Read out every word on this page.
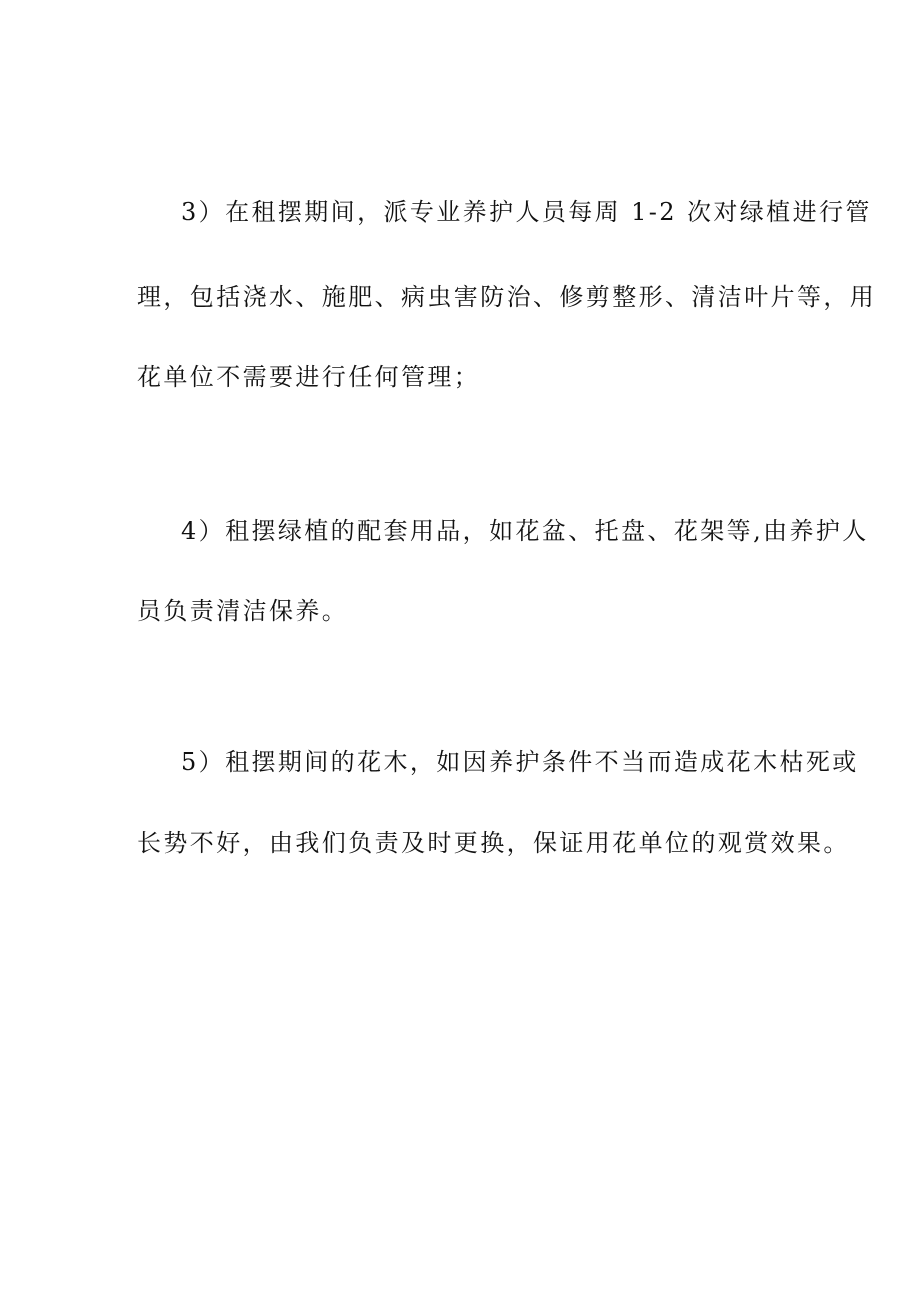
3）在租摆期间，派专业养护人员每周 1-2 次对绿植进行管

理，包括浇水、施肥、病虫害防治、修剪整形、清洁叶片等，用

花单位不需要进行任何管理；

4）租摆绿植的配套用品，如花盆、托盘、花架等,由养护人

员负责清洁保养。

5）租摆期间的花木，如因养护条件不当而造成花木枯死或

长势不好，由我们负责及时更换，保证用花单位的观赏效果。
